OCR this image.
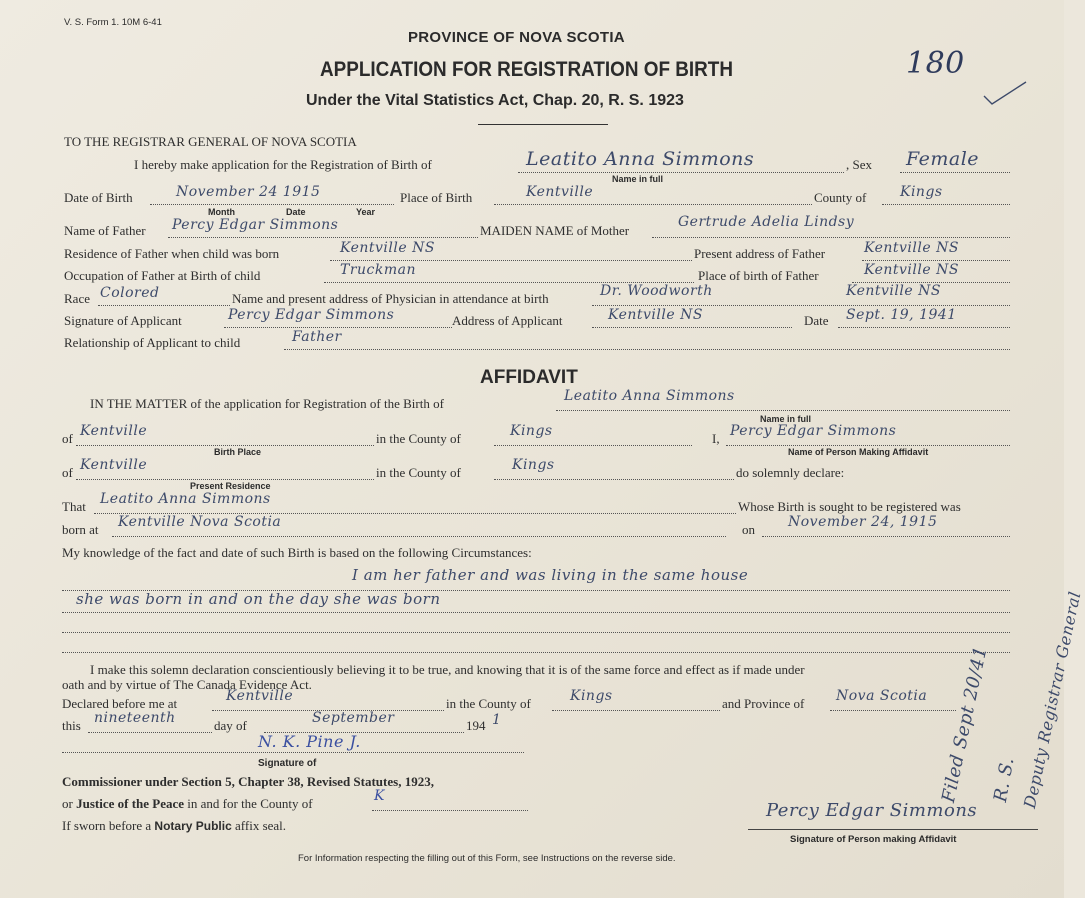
V. S. Form 1. 10M 6-41
PROVINCE OF NOVA SCOTIA
APPLICATION FOR REGISTRATION OF BIRTH
Under the Vital Statistics Act, Chap. 20, R. S. 1923
180
TO THE REGISTRAR GENERAL OF NOVA SCOTIA
I hereby make application for the Registration of Birth of	Leatito Anna Simmons	, Sex Female
Name in full
Date of Birth	November 24 1915
Month	Date	Year
Place of Birth	Kentville	County of Kings
Name of Father Percy Edgar Simmons	MAIDEN NAME of Mother
Gertrude Adelia Lindsy
Residence of Father when child was born	Kentville NS	Present address of Father	Kentville NS
Occupation of Father at Birth of child	Truckman	Place of birth of Father	Kentville NS
Race Colored	Name and present address of Physician in attendance at birth	Dr. Woodworth	Kentville NS
Signature of Applicant	Percy Edgar Simmons	Address of Applicant	Kentville NS	Date Sept. 19, 1941
Relationship of Applicant to child	Father
AFFIDAVIT
IN THE MATTER of the application for Registration of the Birth of	Leatito Anna Simmons
Name in full
of Kentville
Birth Place
in the County of	Kings	I, Percy Edgar Simmons
Name of Person Making Affidavit
of Kentville
Present Residence
in the County of	Kings	do solemnly declare:
That Leatito Anna Simmons	Whose Birth is sought to be registered was
born at Kentville Nova Scotia	on November 24, 1915
My knowledge of the fact and date of such Birth is based on the following Circumstances:
I am her father and was living in the same house
she was born in and on the day she was born
I make this solemn declaration conscientiously believing it to be true, and knowing that it is of the same force and effect as if made under
oath and by virtue of The Canada Evidence Act.
Declared before me at	Kentville	in the County of	Kings	and Province of Nova Scotia
this nineteenth	day of	September	194 1
N. K. Pine J.
Signature of
Commissioner under Section 5, Chapter 38, Revised Statutes, 1923,
or Justice of the Peace in and for the County of	K
If sworn before a Notary Public affix seal.
Percy Edgar Simmons
Signature of Person making Affidavit
For Information respecting the filling out of this Form, see Instructions on the reverse side.
Filed Sept 20/41
R. S. Deputy Registrar General
